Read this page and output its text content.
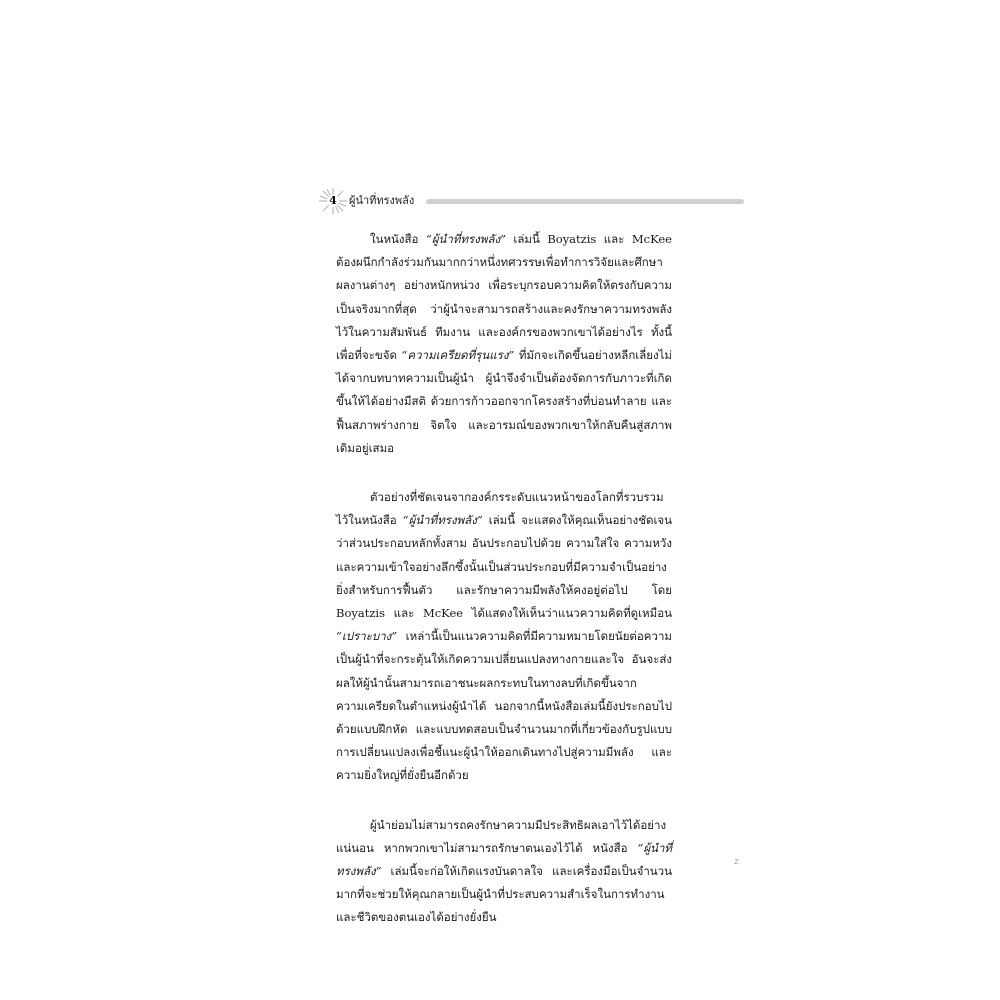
4 ผู้นำที่ทรงพลัง

ในหนังสือ “ผู้นำที่ทรงพลัง” เล่มนี้ Boyatzis และ McKee ต้องผนึกกำลังร่วมกันมากกว่าหนึ่งทศวรรษเพื่อทำการวิจัยและศึกษาผลงานต่างๆ อย่างหนักหน่วง เพื่อระบุกรอบความคิดให้ตรงกับความเป็นจริงมากที่สุด ว่าผู้นำจะสามารถสร้างและคงรักษาความทรงพลังไว้ในความสัมพันธ์ ทีมงาน และองค์กรของพวกเขาได้อย่างไร ทั้งนี้เพื่อที่จะขจัด “ความเครียดที่รุนแรง” ที่มักจะเกิดขึ้นอย่างหลีกเลี่ยงไม่ได้จากบทบาทความเป็นผู้นำ ผู้นำจึงจำเป็นต้องจัดการกับภาวะที่เกิดขึ้นให้ได้อย่างมีสติ ด้วยการก้าวออกจากโครงสร้างที่บ่อนทำลาย และฟื้นสภาพร่างกาย จิตใจ และอารมณ์ของพวกเขาให้กลับคืนสู่สภาพเดิมอยู่เสมอ

ตัวอย่างที่ชัดเจนจากองค์กรระดับแนวหน้าของโลกที่รวบรวมไว้ในหนังสือ “ผู้นำที่ทรงพลัง” เล่มนี้ จะแสดงให้คุณเห็นอย่างชัดเจนว่าส่วนประกอบหลักทั้งสาม อันประกอบไปด้วย ความใส่ใจ ความหวัง และความเข้าใจอย่างลึกซึ้งนั้นเป็นส่วนประกอบที่มีความจำเป็นอย่างยิ่งสำหรับการฟื้นตัว และรักษาความมีพลังให้คงอยู่ต่อไป โดย Boyatzis และ McKee ได้แสดงให้เห็นว่าแนวความคิดที่ดูเหมือน “เปราะบาง” เหล่านี้เป็นแนวความคิดที่มีความหมายโดยนัยต่อความเป็นผู้นำที่จะกระตุ้นให้เกิดความเปลี่ยนแปลงทางกายและใจ อันจะส่งผลให้ผู้นำนั้นสามารถเอาชนะผลกระทบในทางลบที่เกิดขึ้นจากความเครียดในตำแหน่งผู้นำได้ นอกจากนี้หนังสือเล่มนี้ยังประกอบไปด้วยแบบฝึกหัด และแบบทดสอบเป็นจำนวนมากที่เกี่ยวข้องกับรูปแบบการเปลี่ยนแปลงเพื่อชี้แนะผู้นำให้ออกเดินทางไปสู่ความมีพลัง และความยิ่งใหญ่ที่ยั่งยืนอีกด้วย

ผู้นำย่อมไม่สามารถคงรักษาความมีประสิทธิผลเอาไว้ได้อย่างแน่นอน หากพวกเขาไม่สามารถรักษาตนเองไว้ได้ หนังสือ “ผู้นำที่ทรงพลัง” เล่มนี้จะก่อให้เกิดแรงบันดาลใจ และเครื่องมือเป็นจำนวนมากที่จะช่วยให้คุณกลายเป็นผู้นำที่ประสบความสำเร็จในการทำงาน และชีวิตของตนเองได้อย่างยั่งยืน

z
